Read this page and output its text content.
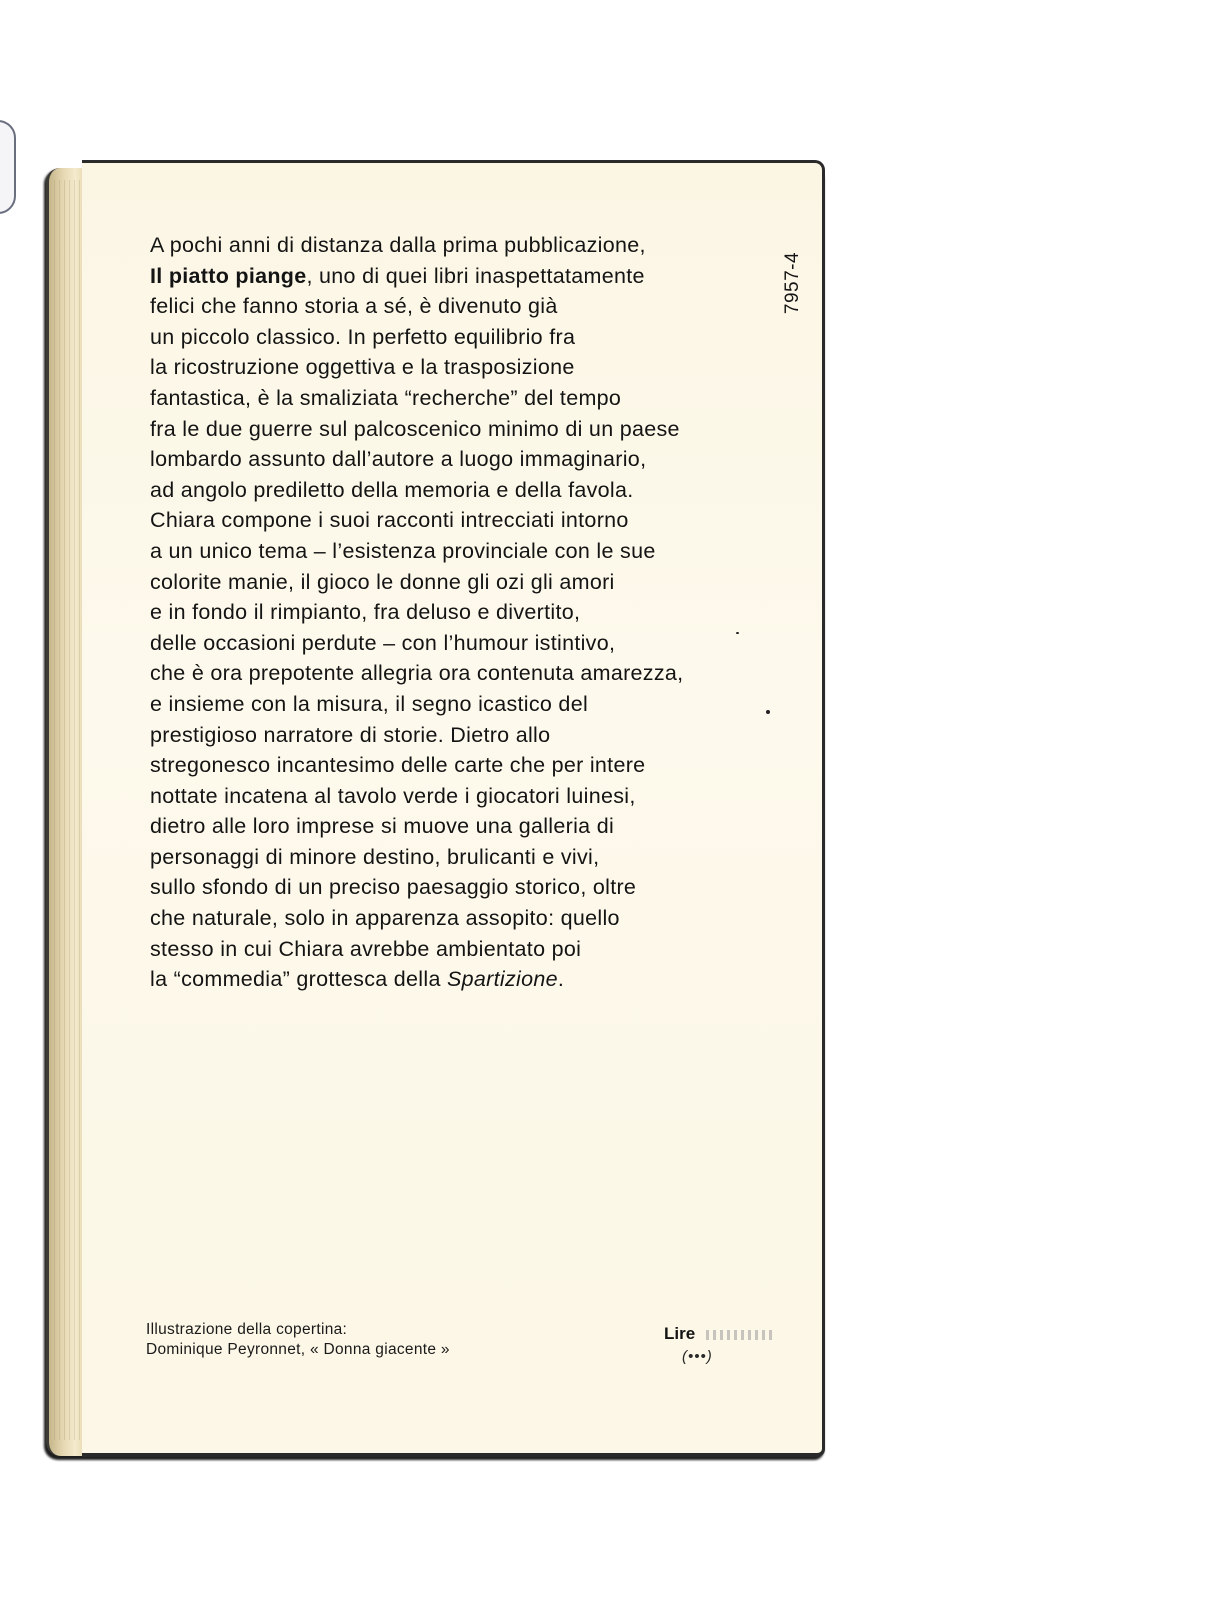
7957-4

A pochi anni di distanza dalla prima pubblicazione,
Il piatto piange, uno di quei libri inaspettatamente
felici che fanno storia a sé, è divenuto già
un piccolo classico. In perfetto equilibrio fra
la ricostruzione oggettiva e la trasposizione
fantastica, è la smaliziata “recherche” del tempo
fra le due guerre sul palcoscenico minimo di un paese
lombardo assunto dall’autore a luogo immaginario,
ad angolo prediletto della memoria e della favola.
Chiara compone i suoi racconti intrecciati intorno
a un unico tema – l’esistenza provinciale con le sue
colorite manie, il gioco le donne gli ozi gli amori
e in fondo il rimpianto, fra deluso e divertito,
delle occasioni perdute – con l’humour istintivo,
che è ora prepotente allegria ora contenuta amarezza,
e insieme con la misura, il segno icastico del
prestigioso narratore di storie. Dietro allo
stregonesco incantesimo delle carte che per intere
nottate incatena al tavolo verde i giocatori luinesi,
dietro alle loro imprese si muove una galleria di
personaggi di minore destino, brulicanti e vivi,
sullo sfondo di un preciso paesaggio storico, oltre
che naturale, solo in apparenza assopito: quello
stesso in cui Chiara avrebbe ambientato poi
la “commedia” grottesca della Spartizione.

Illustrazione della copertina:
Dominique Peyronnet, « Donna giacente »
Lire
(•••)
